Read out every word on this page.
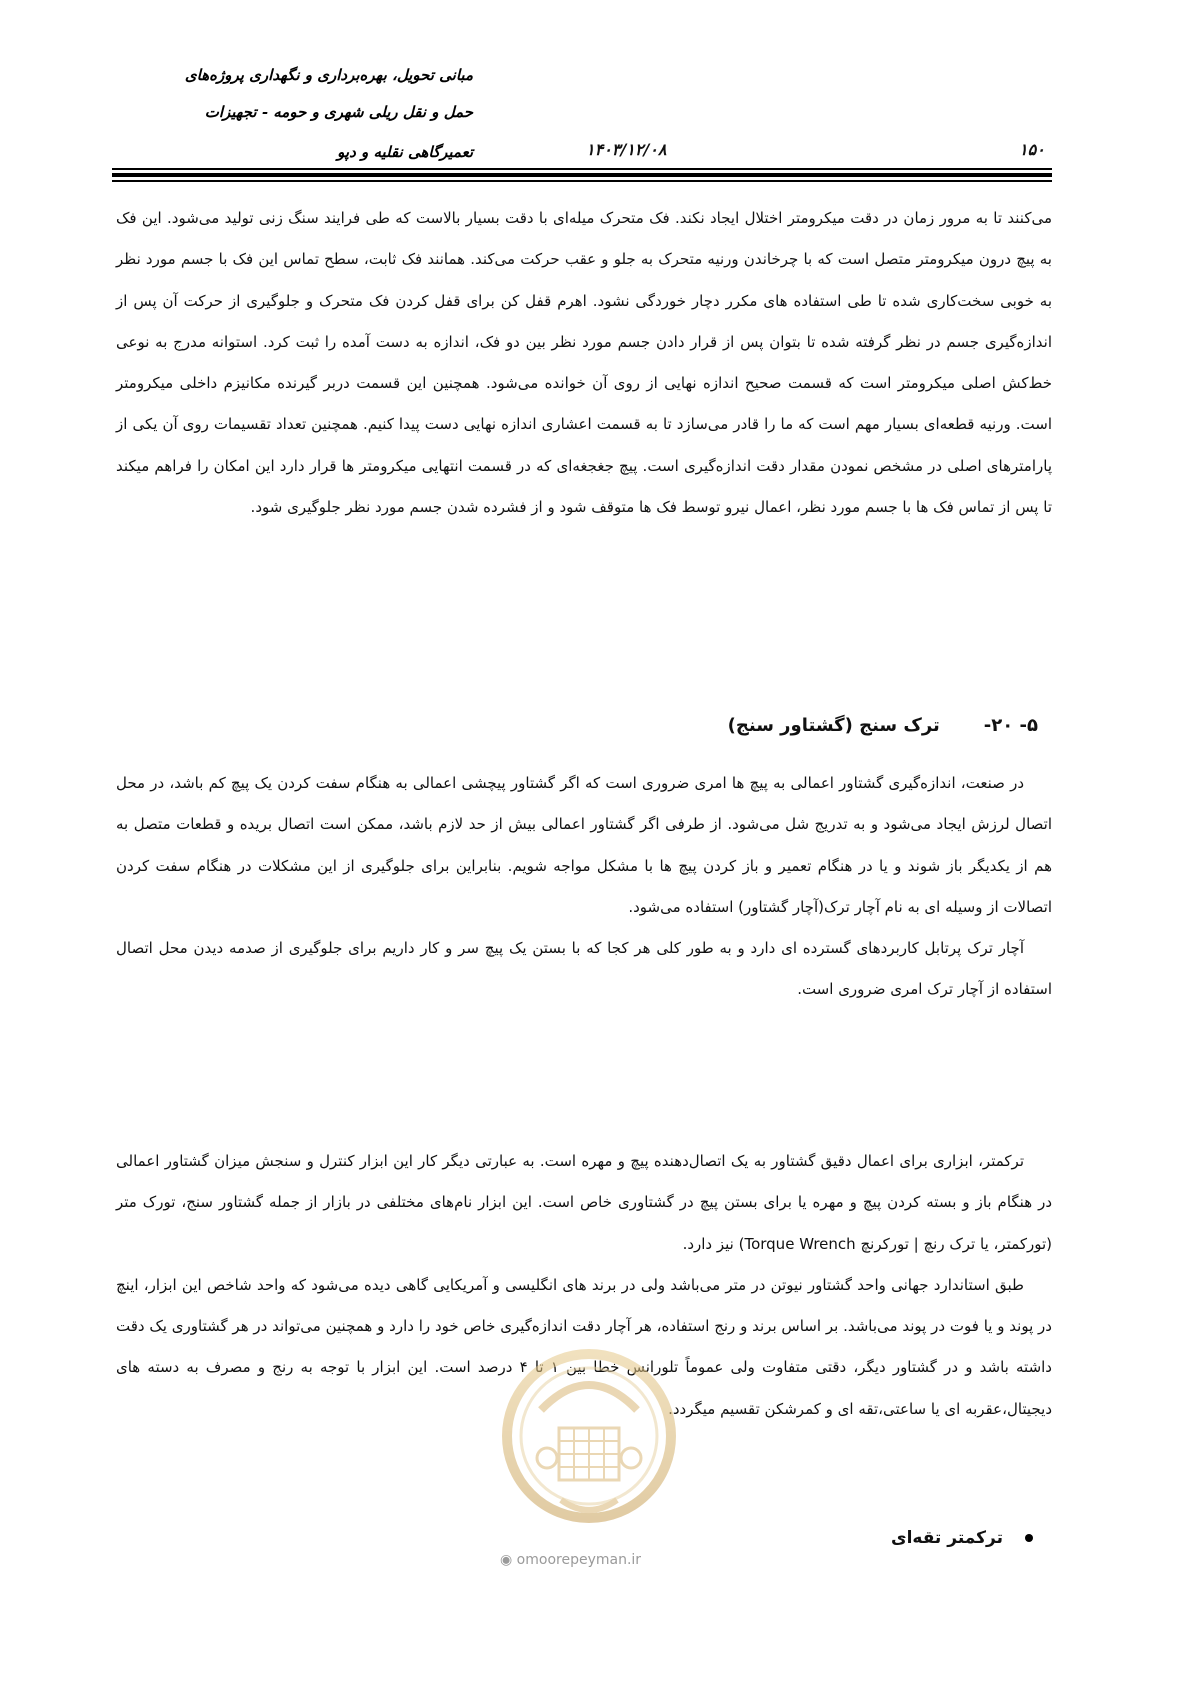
مبانی تحویل، بهره‌برداری و نگهداری پروژه‌های
حمل و نقل ریلی شهری و حومه - تجهیزات
تعمیرگاهی نقلیه و دپو	۱۴۰۳/۱۲/۰۸	۱۵۰

می‌کنند تا به مرور زمان در دقت میکرومتر اختلال ایجاد نکند. فک متحرک میله‌ای با دقت بسیار بالاست که طی فرایند سنگ زنی تولید می‌شود. این فک به پیچ درون میکرومتر متصل است که با چرخاندن ورنیه متحرک به جلو و عقب حرکت می‌کند. همانند فک ثابت، سطح تماس این فک با جسم مورد نظر به خوبی سخت‌کاری شده تا طی استفاده های مکرر دچار خوردگی نشود. اهرم قفل کن برای قفل کردن فک متحرک و جلوگیری از حرکت آن پس از اندازه‌گیری جسم در نظر گرفته شده تا بتوان پس از قرار دادن جسم مورد نظر بین دو فک، اندازه به دست آمده را ثبت کرد. استوانه مدرج به نوعی خط‌کش اصلی میکرومتر است که قسمت صحیح اندازه نهایی از روی آن خوانده می‌شود. همچنین این قسمت دربر گیرنده مکانیزم داخلی میکرومتر است. ورنیه قطعه‌ای بسیار مهم است که ما را قادر می‌سازد تا به قسمت اعشاری اندازه نهایی دست پیدا کنیم. همچنین تعداد تقسیمات روی آن یکی از پارامترهای اصلی در مشخص نمودن مقدار دقت اندازه‌گیری است. پیچ جغجغه‌ای که در قسمت انتهایی میکرومتر ها قرار دارد این امکان را فراهم میکند تا پس از تماس فک ها با جسم مورد نظر، اعمال نیرو توسط فک ها متوقف شود و از فشرده شدن جسم مورد نظر جلوگیری شود.

۵- ۲۰-ترک سنج (گشتاور سنج)

در صنعت، اندازه‌گیری گشتاور اعمالی به پیچ ها امری ضروری است که اگر گشتاور پیچشی اعمالی به هنگام سفت کردن یک پیچ کم باشد، در محل اتصال لرزش ایجاد می‌شود و به تدریج شل می‌شود. از طرفی اگر گشتاور اعمالی بیش از حد لازم باشد، ممکن است اتصال بریده و قطعات متصل به هم از یکدیگر باز شوند و یا در هنگام تعمیر و باز کردن پیچ ها با مشکل مواجه شویم. بنابراین برای جلوگیری از این مشکلات در هنگام سفت کردن اتصالات از وسیله ای به نام آچار ترک(آچار گشتاور) استفاده می‌شود.

آچار ترک پرتابل کاربردهای گسترده ای دارد و به طور کلی هر کجا که با بستن یک پیچ سر و کار داریم برای جلوگیری از صدمه دیدن محل اتصال استفاده از آچار ترک امری ضروری است.

ترکمتر، ابزاری برای اعمال دقیق گشتاور به یک اتصال‌دهنده پیچ و مهره است. به عبارتی دیگر کار این ابزار کنترل و سنجش میزان گشتاور اعمالی در هنگام باز و بسته کردن پیچ و مهره یا برای بستن پیچ در گشتاوری خاص است. این ابزار نام‌های مختلفی در بازار از جمله گشتاور سنج، تورک متر (تورکمتر، یا ترک رنچ | تورکرنچ Torque Wrench) نیز دارد.

طبق استاندارد جهانی واحد گشتاور نیوتن در متر می‌باشد ولی در برند های انگلیسی و آمریکایی گاهی دیده می‌شود که واحد شاخص این ابزار، اینچ در پوند و یا فوت در پوند می‌باشد. بر اساس برند و رنج استفاده، هر آچار دقت اندازه‌گیری خاص خود را دارد و همچنین می‌تواند در هر گشتاوری یک دقت داشته باشد و در گشتاور دیگر، دقتی متفاوت ولی عموماً تلورانس خطا بین ۱ تا ۴ درصد است. این ابزار با توجه به رنج و مصرف به دسته های دیجیتال،عقربه ای یا ساعتی،تقه ای و کمرشکن تقسیم میگردد.

ترکمتر تقه‌ای
◉ omoorepeyman.ir
